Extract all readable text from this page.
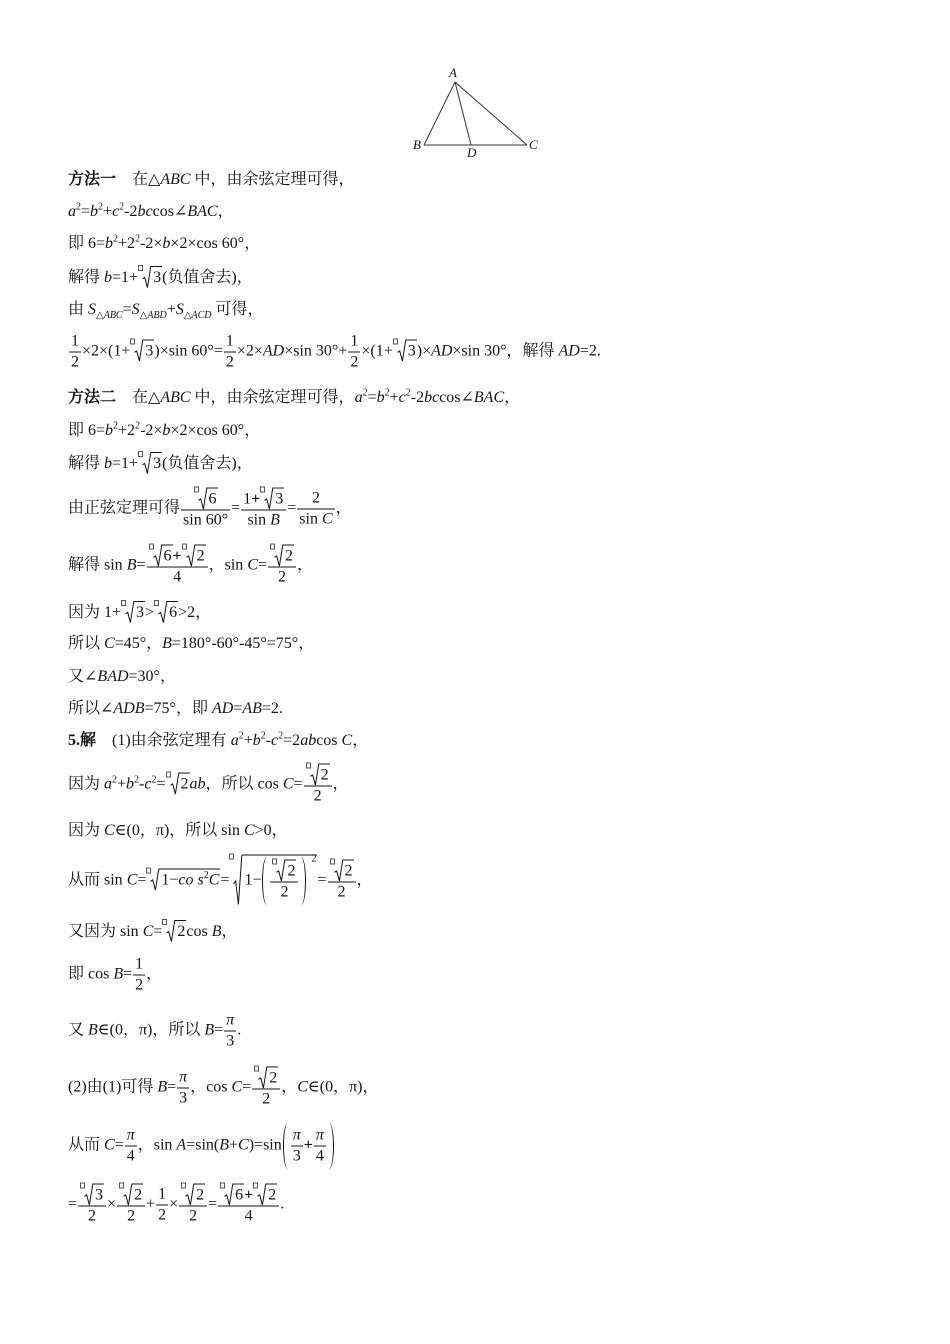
A
B
D
C
方法一　在△ABC 中，由余弦定理可得，
$a^2=b^2+c^2-2bccos\angle BAC$，
即 $6=b^2+2^2-2\times b\times 2\times\cos$ 60°，
解得 b=1+ 3(负值舍去)，
由 $S_{\triangle ABC}=S_{\triangle ABD}+S_{\triangle ACD}$ 可得，
$\frac{1}{2} \times 2\times(1+ 3)\times\sin$ $60^\circ= \frac{1}{2} \times 2\times AD\times\sin$ $30^\circ+ \frac{1}{2} \times(1+ 3)\times AD\times\sin$ 30°，解得 AD=2.
方法二　在△ABC 中，由余弦定理可得，$a^2=b^2+c^2-2bccos\angle BAC$，
即 $6=b^2+2^2-2\times b\times 2\times\cos$ 60°，
解得 b=1+ 3(负值舍去)，
由正弦定理可得 $\frac{6}{\sin 60^\circ} = \frac{1+ 3}{\text{sin B}} = \frac{2}{\text{sin C}}$ ，
解得 $\sin B= \frac{6+ 2}{4}$ ，$\sin C= \frac{2}{2}$ ，
因为 1+ 3> 6>2，
所以 C=45°，B=180°-60°-45°=75°，
又∠BAD=30°，
所以∠ADB=75°，即 AD=AB=2.
5.解　(1)由余弦定理有 $a^2+b^2-c^2=2abcos$ C，
因为 $a^2+b^2-c^2= 2ab$，所以 $\cos C= \frac{2}{2}$ ，
因为 C∈(0，π)，所以 sin C>0，
从而 sin C= 1−co $s^2C= 1- \frac{2}{2}$
2
= $\frac{2}{2}$ ，
又因为 sin C= 2cos B，
即 $\cos B= \frac{1}{2}$ ，
又 B∈(0，π)，所以 $B= \frac{\pi}{3}$ .
(2)由(1)可得 $B= \frac{\pi}{3}$ ，$\cos C= \frac{2}{2}$ ，C∈(0，π)，
从而 $C= \frac{\pi}{4}$ ，$\sin A=\sin(B+C)=\sin \frac{\pi}{3} + \frac{\pi}{4}$
= $\frac{3}{2} \times \frac{2}{2} + \frac{1}{2} \times \frac{2}{2} = \frac{6+ 2}{4}$ .
